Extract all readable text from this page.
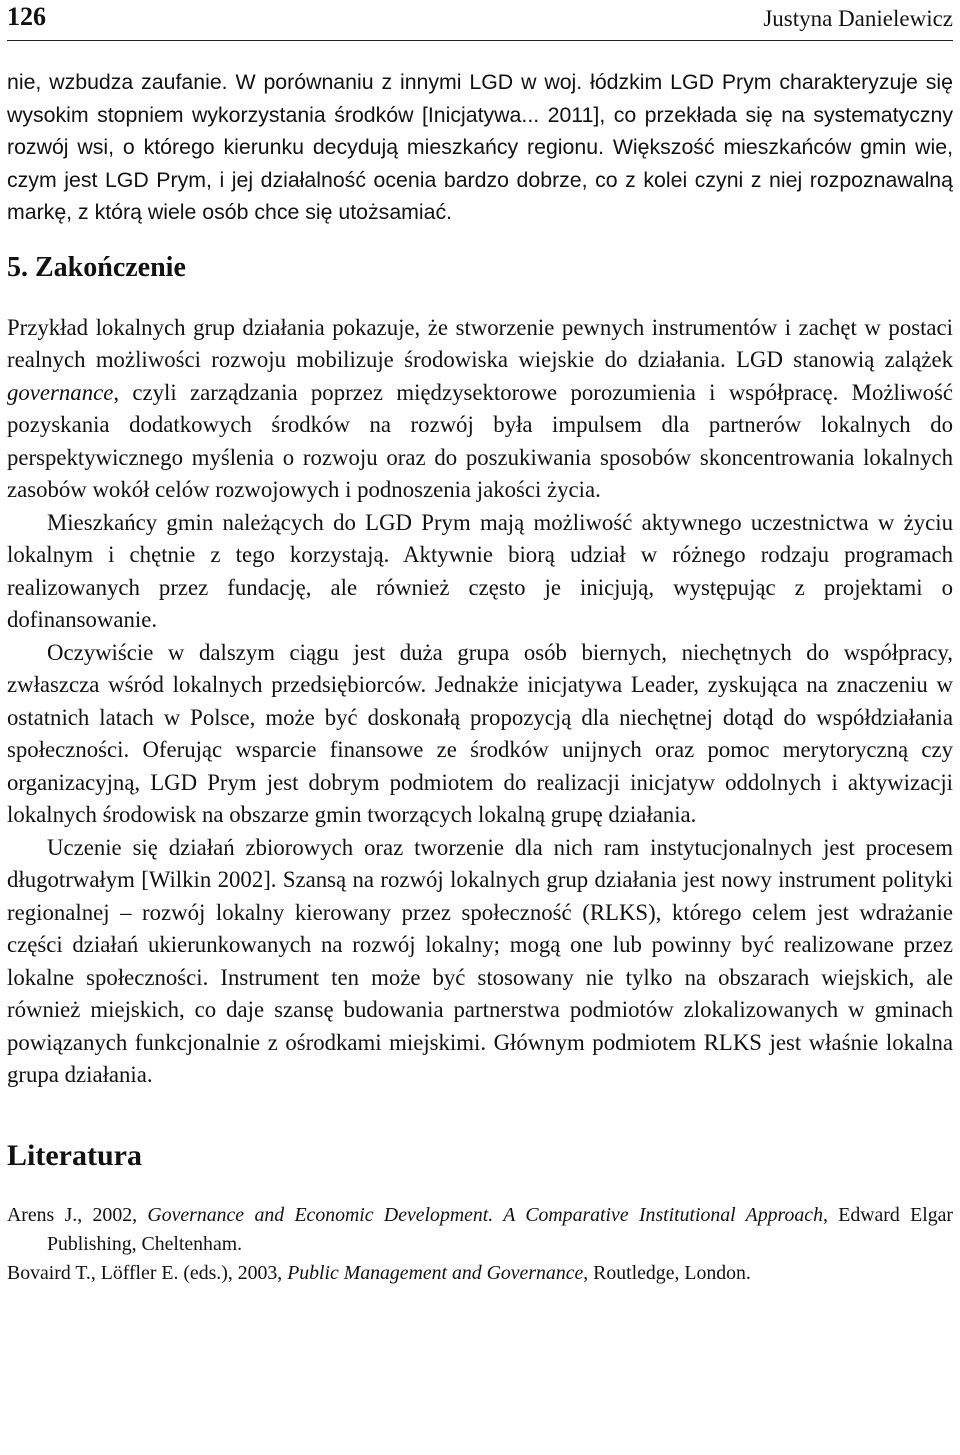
126	Justyna Danielewicz

nie, wzbudza zaufanie. W porównaniu z innymi LGD w woj. łódzkim LGD Prym charakteryzuje się wysokim stopniem wykorzystania środków [Inicjatywa... 2011], co przekłada się na systematyczny rozwój wsi, o którego kierunku decydują mieszkańcy regionu. Większość mieszkańców gmin wie, czym jest LGD Prym, i jej działalność ocenia bardzo dobrze, co z kolei czyni z niej rozpoznawalną markę, z którą wiele osób chce się utożsamiać.

5. Zakończenie

Przykład lokalnych grup działania pokazuje, że stworzenie pewnych instrumentów i zachęt w postaci realnych możliwości rozwoju mobilizuje środowiska wiejskie do działania. LGD stanowią zalążek governance, czyli zarządzania poprzez międzysektorowe porozumienia i współpracę. Możliwość pozyskania dodatkowych środków na rozwój była impulsem dla partnerów lokalnych do perspektywicznego myślenia o rozwoju oraz do poszukiwania sposobów skoncentrowania lokalnych zasobów wokół celów rozwojowych i podnoszenia jakości życia.

Mieszkańcy gmin należących do LGD Prym mają możliwość aktywnego uczestnictwa w życiu lokalnym i chętnie z tego korzystają. Aktywnie biorą udział w różnego rodzaju programach realizowanych przez fundację, ale również często je inicjują, występując z projektami o dofinansowanie.

Oczywiście w dalszym ciągu jest duża grupa osób biernych, niechętnych do współpracy, zwłaszcza wśród lokalnych przedsiębiorców. Jednakże inicjatywa Leader, zyskująca na znaczeniu w ostatnich latach w Polsce, może być doskonałą propozycją dla niechętnej dotąd do współdziałania społeczności. Oferując wsparcie finansowe ze środków unijnych oraz pomoc merytoryczną czy organizacyjną, LGD Prym jest dobrym podmiotem do realizacji inicjatyw oddolnych i aktywizacji lokalnych środowisk na obszarze gmin tworzących lokalną grupę działania.

Uczenie się działań zbiorowych oraz tworzenie dla nich ram instytucjonalnych jest procesem długotrwałym [Wilkin 2002]. Szansą na rozwój lokalnych grup działania jest nowy instrument polityki regionalnej – rozwój lokalny kierowany przez społeczność (RLKS), którego celem jest wdrażanie części działań ukierunkowanych na rozwój lokalny; mogą one lub powinny być realizowane przez lokalne społeczności. Instrument ten może być stosowany nie tylko na obszarach wiejskich, ale również miejskich, co daje szansę budowania partnerstwa podmiotów zlokalizowanych w gminach powiązanych funkcjonalnie z ośrodkami miejskimi. Głównym podmiotem RLKS jest właśnie lokalna grupa działania.

Literatura

Arens J., 2002, Governance and Economic Development. A Comparative Institutional Approach, Edward Elgar Publishing, Cheltenham.

Bovaird T., Löffler E. (eds.), 2003, Public Management and Governance, Routledge, London.
